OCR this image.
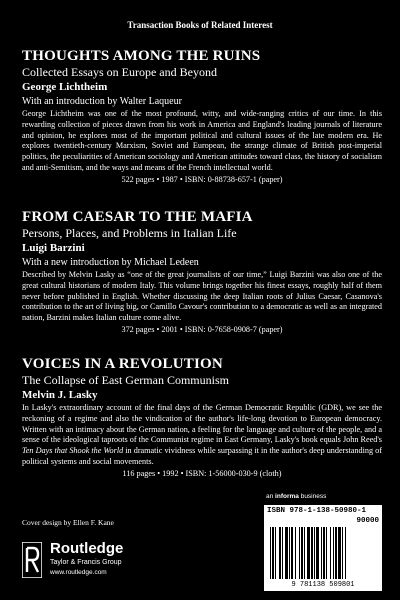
Transaction Books of Related Interest

THOUGHTS AMONG THE RUINS

Collected Essays on Europe and Beyond

George Lichtheim

With an introduction by Walter Laqueur

George Lichtheim was one of the most profound, witty, and wide-ranging critics of our time. In this rewarding collection of pieces drawn from his work in America and England's leading journals of literature and opinion, he explores most of the important political and cultural issues of the late modern era. He explores twentieth-century Marxism, Soviet and European, the strange climate of British post-imperial politics, the peculiarities of American sociology and American attitudes toward class, the history of socialism and anti-Semitism, and the ways and means of the French intellectual world.

522 pages • 1987 • ISBN: 0-88738-657-1 (paper)

FROM CAESAR TO THE MAFIA

Persons, Places, and Problems in Italian Life

Luigi Barzini

With a new introduction by Michael Ledeen

Described by Melvin Lasky as “one of the great journalists of our time,” Luigi Barzini was also one of the great cultural historians of modern Italy. This volume brings together his finest essays, roughly half of them never before published in English. Whether discussing the deep Italian roots of Julius Caesar, Casanova's contribution to the art of living big, or Camillo Cavour's contribution to a democratic as well as an integrated nation, Barzini makes Italian culture come alive.

372 pages • 2001 • ISBN: 0-7658-0908-7 (paper)

VOICES IN A REVOLUTION

The Collapse of East German Communism

Melvin J. Lasky

In Lasky's extraordinary account of the final days of the German Democratic Republic (GDR), we see the reckoning of a regime and also the vindication of the author's life-long devotion to European democracy. Written with an intimacy about the German nation, a feeling for the language and culture of the people, and a sense of the ideological taproots of the Communist regime in East Germany, Lasky's book equals John Reed's Ten Days that Shook the World in dramatic vividness while surpassing it in the author's deep understanding of political systems and social movements.

116 pages • 1992 • ISBN: 1-56000-030-9 (cloth)

Cover design by Ellen F. Kane
Routledge
Taylor & Francis Group
www.routledge.com
an informa business
ISBN 978-1-138-50980-1
90000
9 781138 509801
